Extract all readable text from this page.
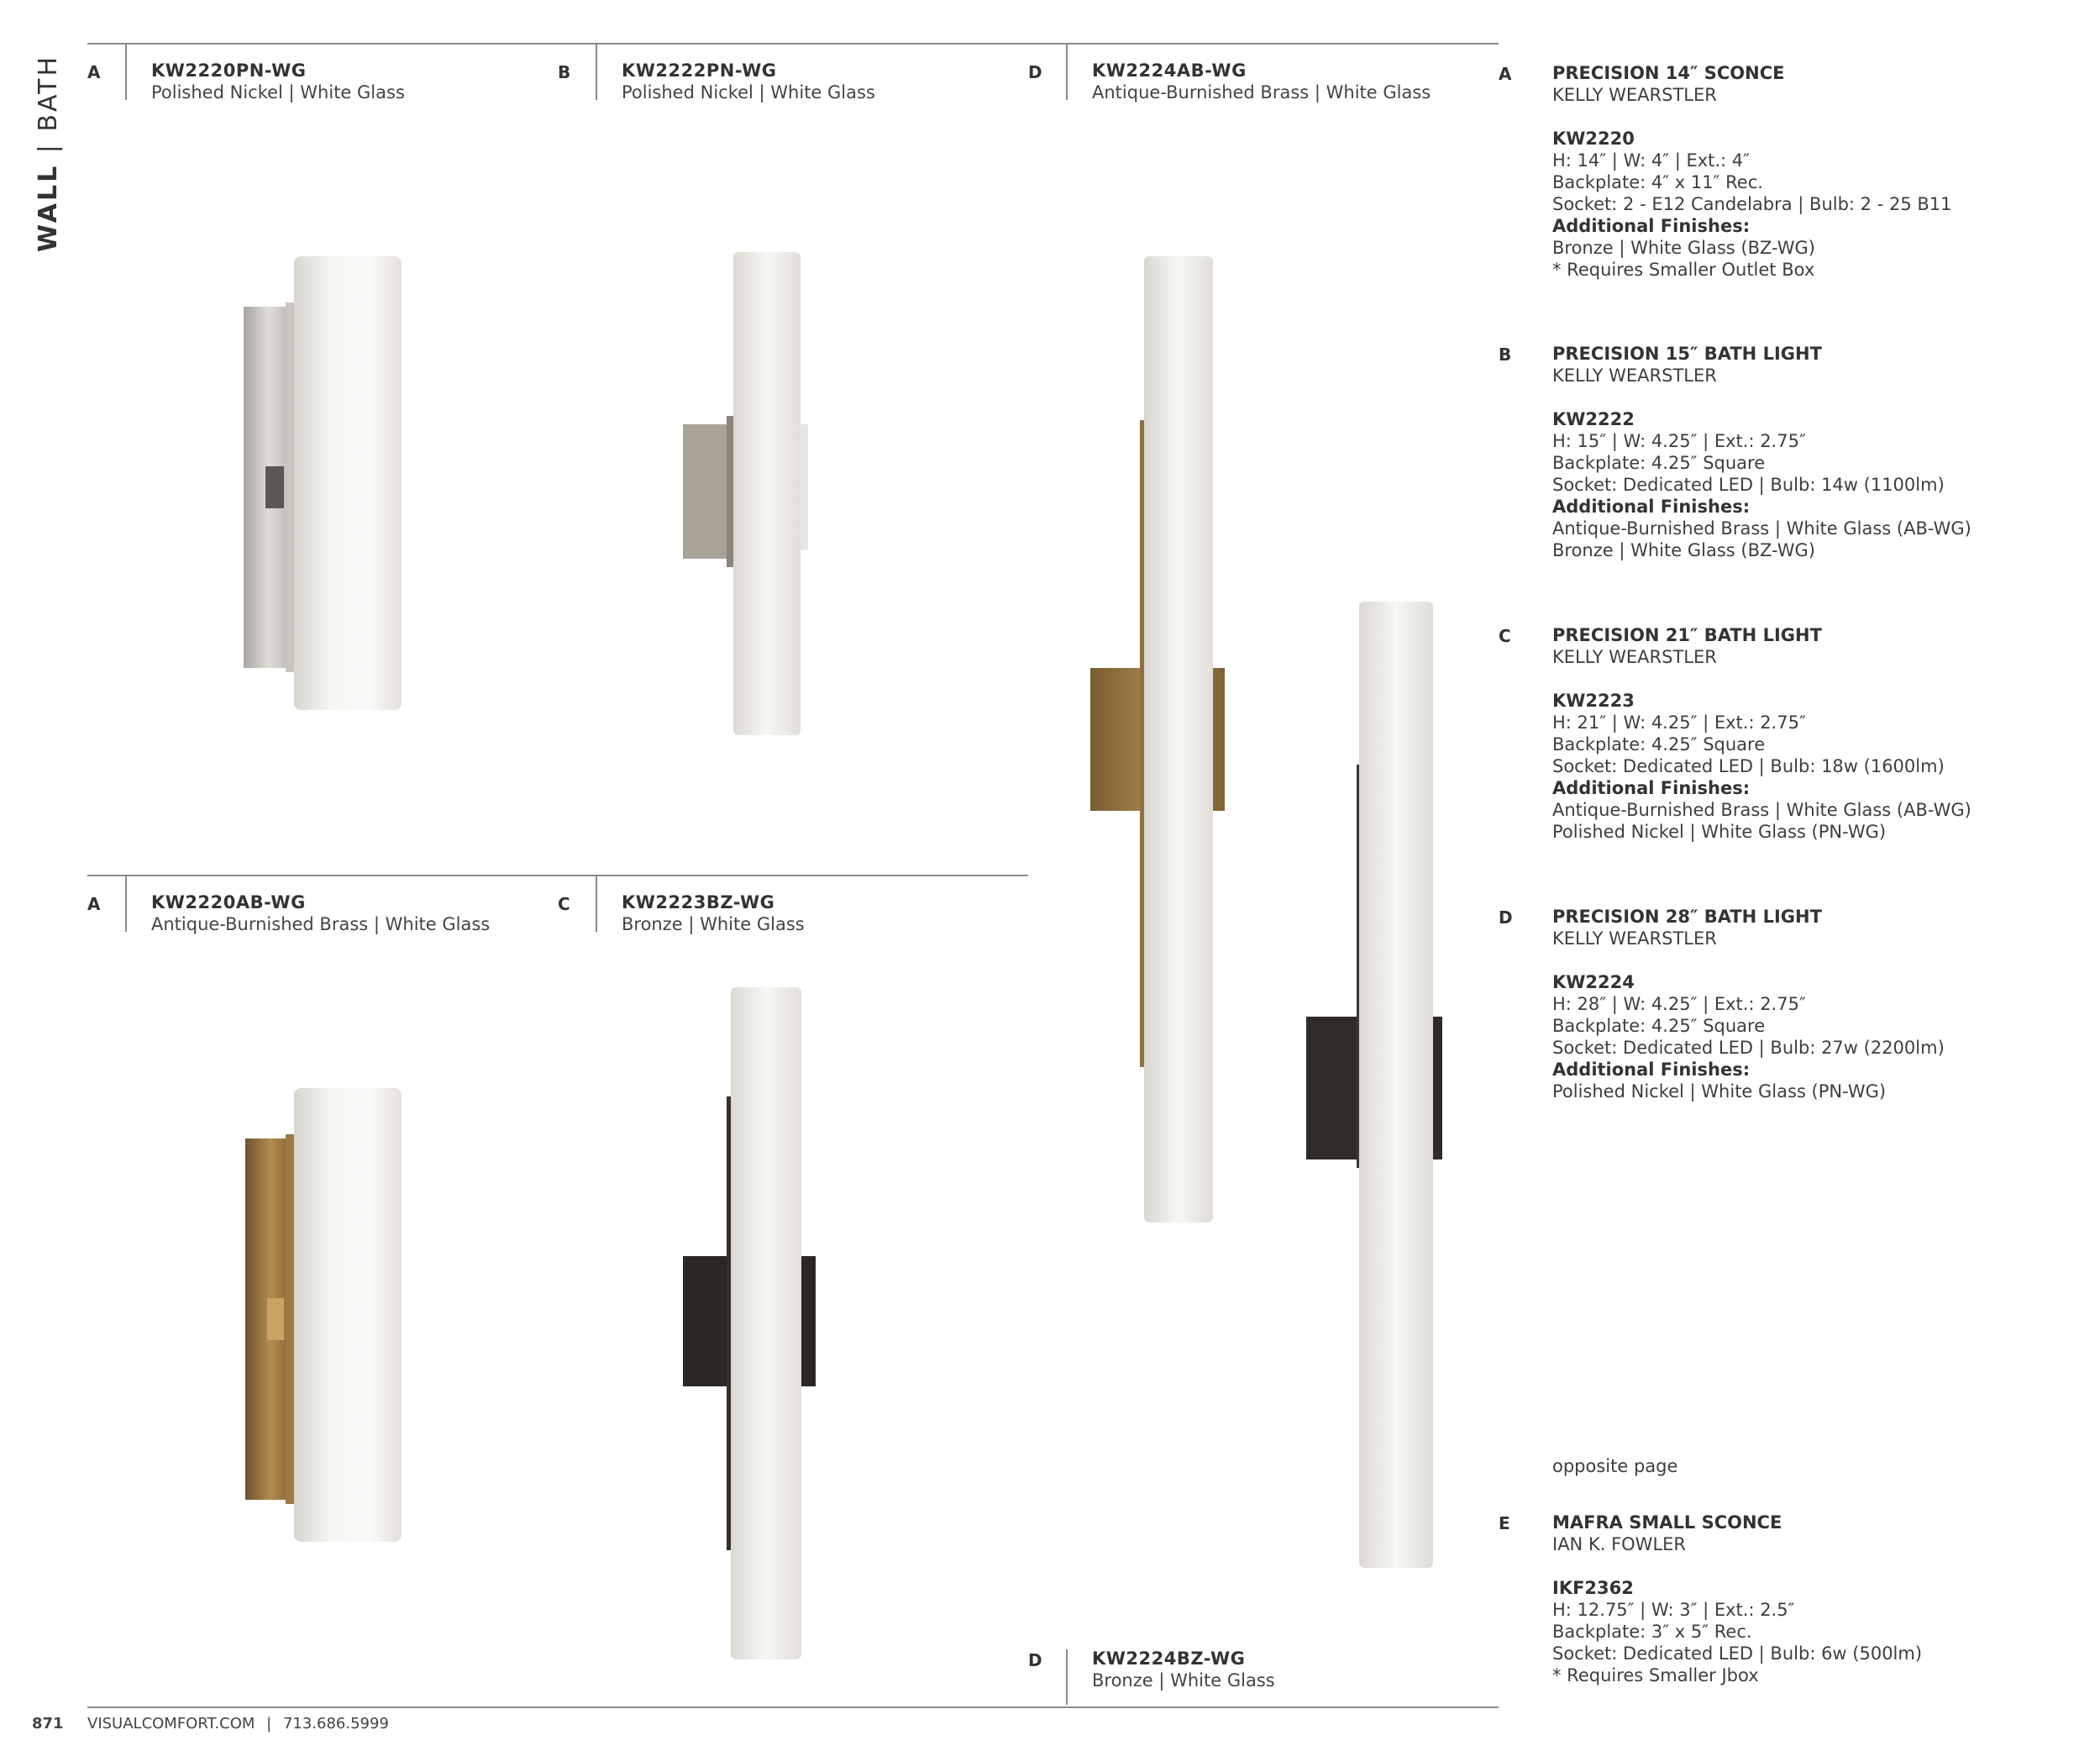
WALL | BATH A	KW2220PN-WG
Polished Nickel | White Glass
B	KW2222PN-WG
Polished Nickel | White Glass
D	KW2224AB-WG
Antique-Burnished Brass | White Glass
A	KW2220AB-WG
Antique-Burnished Brass | White Glass
C	KW2223BZ-WG
Bronze | White Glass
D	KW2224BZ-WG
Bronze | White Glass
A PRECISION 14″ SCONCE
KELLY WEARSTLER
KW2220
H: 14″ | W: 4″ | Ext.: 4″
Backplate: 4″ x 11″ Rec.
Socket: 2 - E12 Candelabra | Bulb: 2 - 25 B11
Additional Finishes:
Bronze | White Glass (BZ-WG)
* Requires Smaller Outlet Box
B PRECISION 15″ BATH LIGHT
KELLY WEARSTLER
KW2222
H: 15″ | W: 4.25″ | Ext.: 2.75″
Backplate: 4.25″ Square
Socket: Dedicated LED | Bulb: 14w (1100lm)
Additional Finishes:
Antique-Burnished Brass | White Glass (AB-WG)
Bronze | White Glass (BZ-WG)
C PRECISION 21″ BATH LIGHT
KELLY WEARSTLER
KW2223
H: 21″ | W: 4.25″ | Ext.: 2.75″
Backplate: 4.25″ Square
Socket: Dedicated LED | Bulb: 18w (1600lm)
Additional Finishes:
Antique-Burnished Brass | White Glass (AB-WG)
Polished Nickel | White Glass (PN-WG)
D PRECISION 28″ BATH LIGHT
KELLY WEARSTLER
KW2224
H: 28″ | W: 4.25″ | Ext.: 2.75″
Backplate: 4.25″ Square
Socket: Dedicated LED | Bulb: 27w (2200lm)
Additional Finishes:
Polished Nickel | White Glass (PN-WG)
opposite page
E MAFRA SMALL SCONCE
IAN K. FOWLER
IKF2362
H: 12.75″ | W: 3″ | Ext.: 2.5″
Backplate: 3″ x 5″ Rec.
Socket: Dedicated LED | Bulb: 6w (500lm)
* Requires Smaller Jbox
871 VISUALCOMFORT.COM | 713.686.5999
